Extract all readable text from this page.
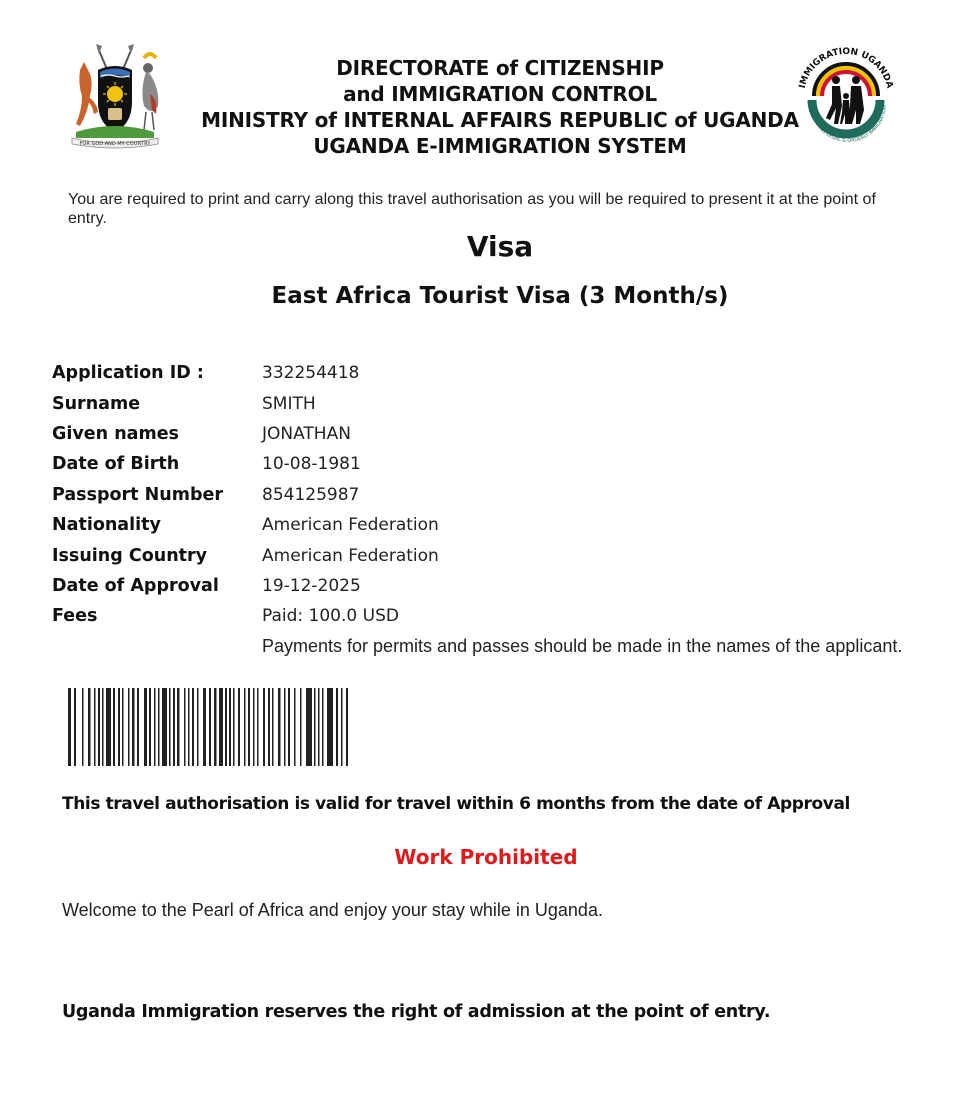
FOR GOD AND MY COUNTRY
DIRECTORATE of CITIZENSHIP
and IMMIGRATION CONTROL
MINISTRY of INTERNAL AFFAIRS REPUBLIC of UGANDA
UGANDA E-IMMIGRATION SYSTEM
IMMIGRATION UGANDA
FACILITATING LEGAL & ORDERLY IMMIGRATION
You are required to print and carry along this travel authorisation as you will be required to present it at the point of entry.
Visa
East Africa Tourist Visa (3 Month/s)
Application ID :	332254418
Surname	SMITH
Given names	JONATHAN
Date of Birth	10-08-1981
Passport Number	854125987
Nationality	American Federation
Issuing Country	American Federation
Date of Approval	19-12-2025
Fees	Paid: 100.0 USD
Payments for permits and passes should be made in the names of the applicant.
This travel authorisation is valid for travel within 6 months from the date of Approval
Work Prohibited
Welcome to the Pearl of Africa and enjoy your stay while in Uganda.
Uganda Immigration reserves the right of admission at the point of entry.
